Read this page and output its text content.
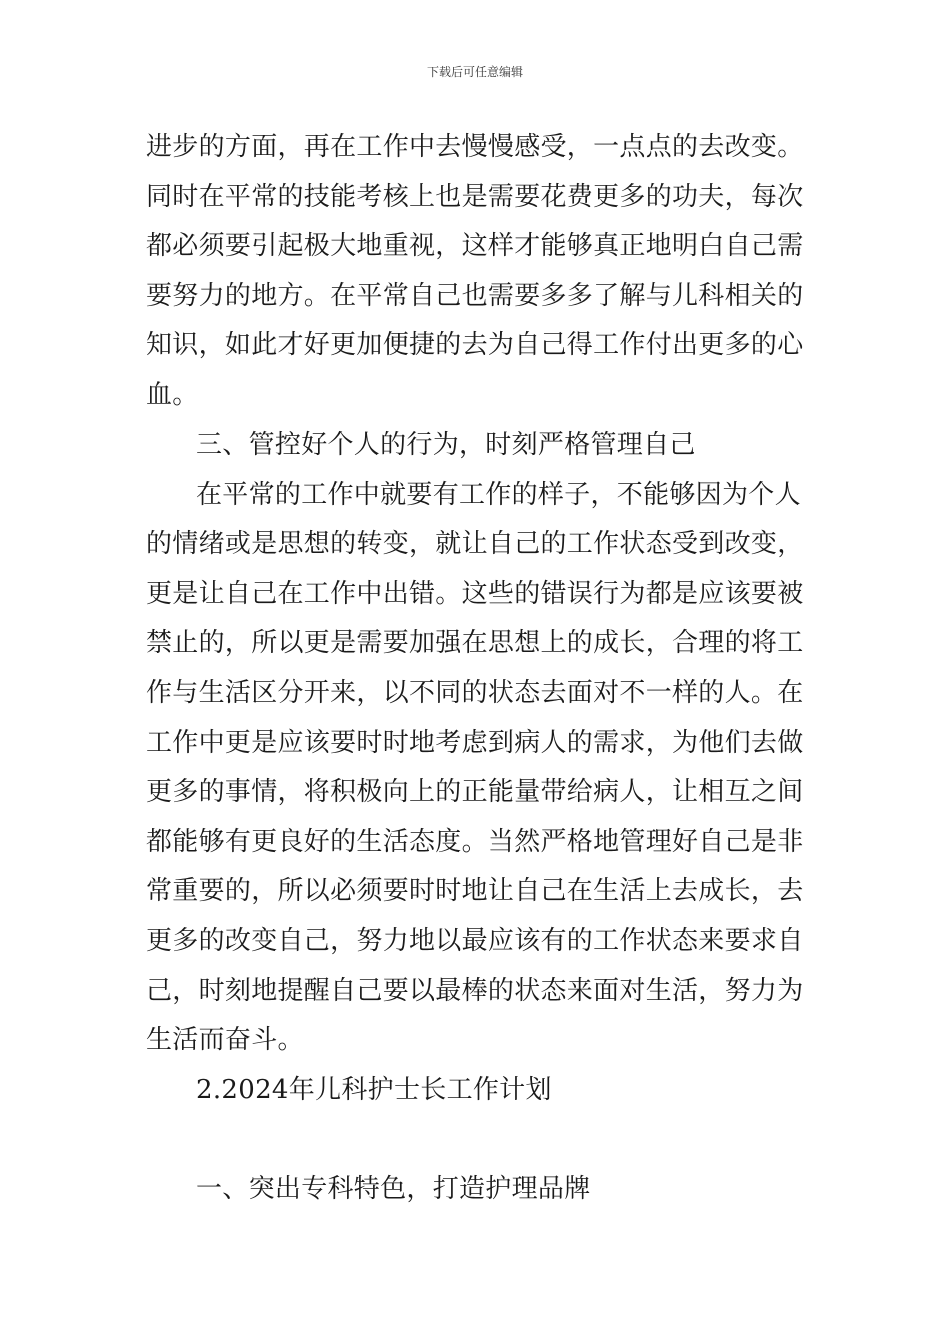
下载后可任意编辑
进步的方面，再在工作中去慢慢感受，一点点的去改变。
同时在平常的技能考核上也是需要花费更多的功夫，每次
都必须要引起极大地重视，这样才能够真正地明白自己需
要努力的地方。在平常自己也需要多多了解与儿科相关的
知识，如此才好更加便捷的去为自己得工作付出更多的心
血。
三、管控好个人的行为，时刻严格管理自己
在平常的工作中就要有工作的样子，不能够因为个人
的情绪或是思想的转变，就让自己的工作状态受到改变，
更是让自己在工作中出错。这些的错误行为都是应该要被
禁止的，所以更是需要加强在思想上的成长，合理的将工
作与生活区分开来，以不同的状态去面对不一样的人。在
工作中更是应该要时时地考虑到病人的需求，为他们去做
更多的事情，将积极向上的正能量带给病人，让相互之间
都能够有更良好的生活态度。当然严格地管理好自己是非
常重要的，所以必须要时时地让自己在生活上去成长，去
更多的改变自己，努力地以最应该有的工作状态来要求自
己，时刻地提醒自己要以最棒的状态来面对生活，努力为
生活而奋斗。
2.2024年儿科护士长工作计划
一、突出专科特色，打造护理品牌
